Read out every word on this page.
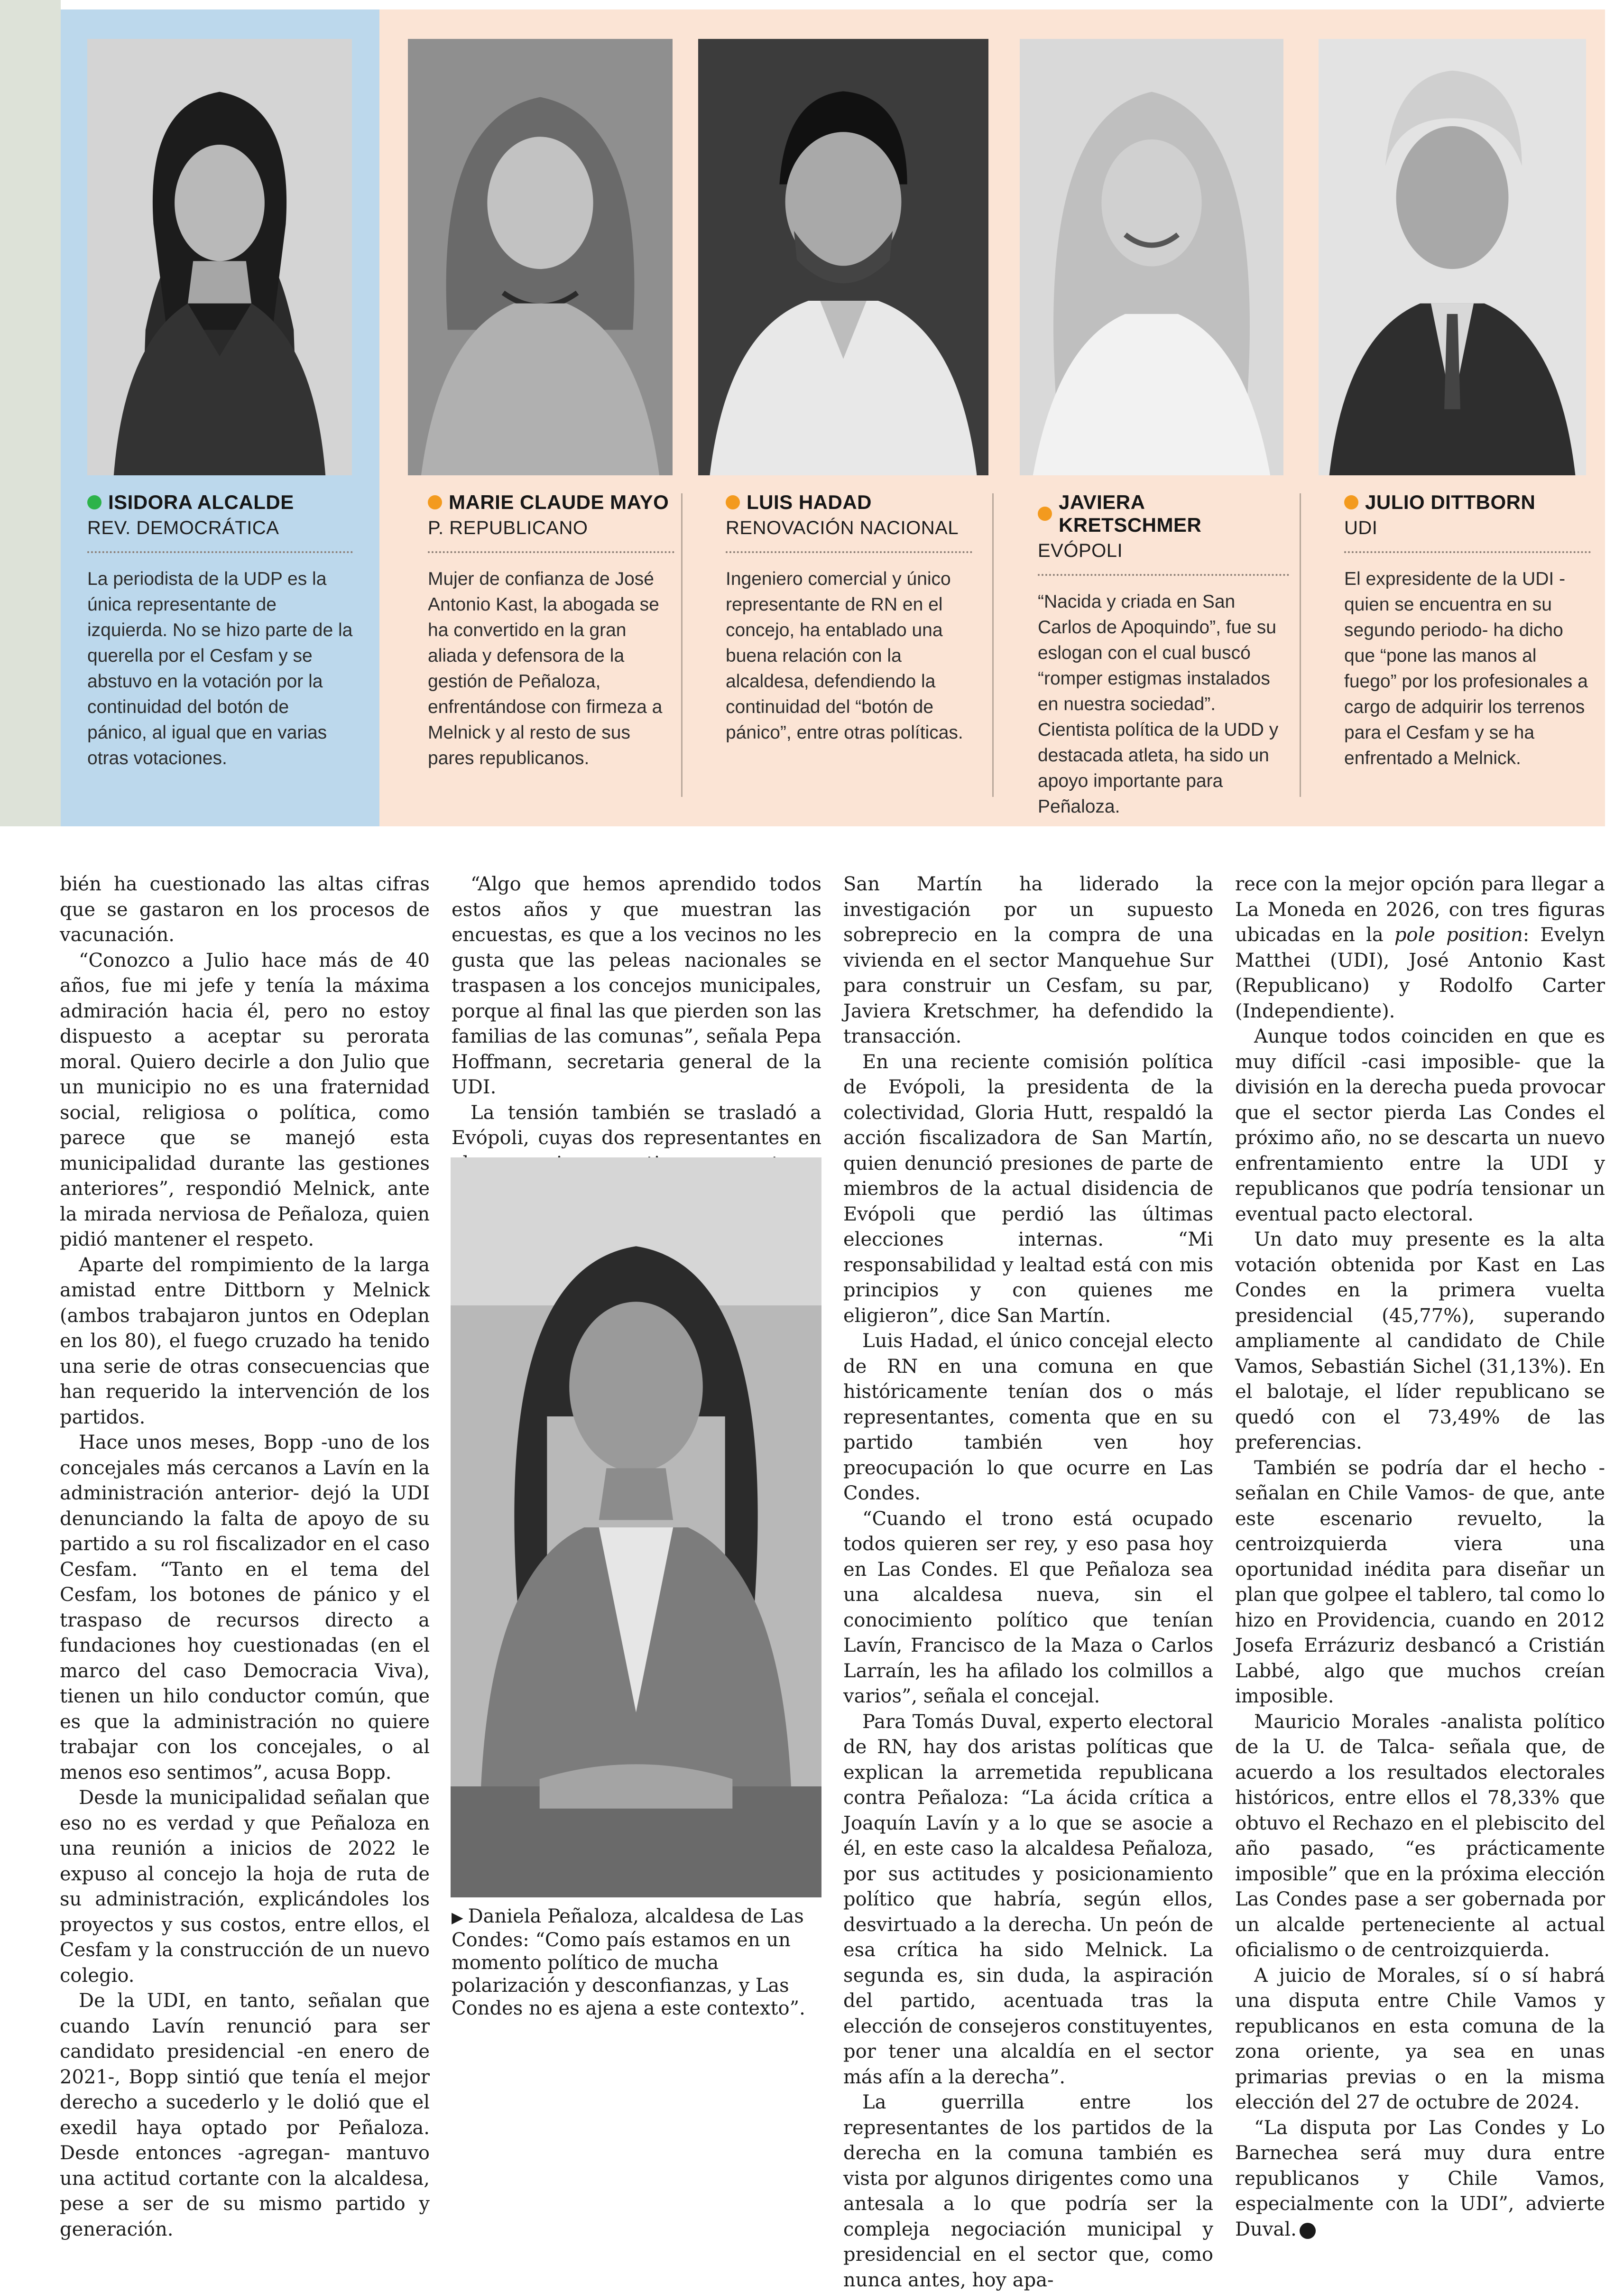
ISIDORA ALCALDE
REV. DEMOCRÁTICA
La periodista de la UDP es la única representante de izquierda. No se hizo parte de la querella por el Cesfam y se abstuvo en la votación por la continuidad del botón de pánico, al igual que en varias otras votaciones.
MARIE CLAUDE MAYO
P. REPUBLICANO
Mujer de confianza de José Antonio Kast, la abogada se ha convertido en la gran aliada y defensora de la gestión de Peñaloza, enfrentándose con firmeza a Melnick y al resto de sus pares republicanos.
LUIS HADAD
RENOVACIÓN NACIONAL
Ingeniero comercial y único representante de RN en el concejo, ha entablado una buena relación con la alcaldesa, defendiendo la continuidad del “botón de pánico”, entre otras políticas.
JAVIERA KRETSCHMER
EVÓPOLI
“Nacida y criada en San Carlos de Apoquindo”, fue su eslogan con el cual buscó “romper estigmas instalados en nuestra sociedad”. Cientista política de la UDD y destacada atleta, ha sido un apoyo importante para Peñaloza.
JULIO DITTBORN
UDI
El expresidente de la UDI -quien se encuentra en su segundo periodo- ha dicho que “pone las manos al fuego” por los profesionales a cargo de adquirir los terrenos para el Cesfam y se ha enfrentado a Melnick.

bién ha cuestionado las altas cifras que se gastaron en los procesos de vacunación.

“Conozco a Julio hace más de 40 años, fue mi jefe y tenía la máxima admiración hacia él, pero no estoy dispuesto a aceptar su perorata moral. Quiero decirle a don Julio que un municipio no es una fraternidad social, religiosa o política, como parece que se manejó esta municipalidad durante las gestiones anteriores”, respondió Melnick, ante la mirada nerviosa de Peñaloza, quien pidió mantener el respeto.

Aparte del rompimiento de la larga amistad entre Dittborn y Melnick (ambos trabajaron juntos en Odeplan en los 80), el fuego cruzado ha tenido una serie de otras consecuencias que han requerido la intervención de los partidos.

Hace unos meses, Bopp -uno de los concejales más cercanos a Lavín en la administración anterior- dejó la UDI denunciando la falta de apoyo de su partido a su rol fiscalizador en el caso Cesfam. “Tanto en el tema del Cesfam, los botones de pánico y el traspaso de recursos directo a fundaciones hoy cuestionadas (en el marco del caso Democracia Viva), tienen un hilo conductor común, que es que la administración no quiere trabajar con los concejales, o al menos eso sentimos”, acusa Bopp.

Desde la municipalidad señalan que eso no es verdad y que Peñaloza en una reunión a inicios de 2022 le expuso al concejo la hoja de ruta de su administración, explicándoles los proyectos y sus costos, entre ellos, el Cesfam y la construcción de un nuevo colegio.

De la UDI, en tanto, señalan que cuando Lavín renunció para ser candidato presidencial -en enero de 2021-, Bopp sintió que tenía el mejor derecho a sucederlo y le dolió que el exedil haya optado por Peñaloza. Desde entonces -agregan- mantuvo una actitud cortante con la alcaldesa, pese a ser de su mismo partido y generación.

“Algo que hemos aprendido todos estos años y que muestran las encuestas, es que a los vecinos no les gusta que las peleas nacionales se traspasen a los concejos municipales, porque al final las que pierden son las familias de las comunas”, señala Pepa Hoffmann, secretaria general de la UDI.

La tensión también se trasladó a Evópoli, cuyas dos representantes en

▶ Daniela Peñaloza, alcaldesa de Las Condes: “Como país estamos en un momento político de mucha polarización y desconfianzas, y Las Condes no es ajena a este contexto”.

San Martín ha liderado la investigación por un supuesto sobreprecio en la compra de una vivienda en el sector Manquehue Sur para construir un Cesfam, su par, Javiera Kretschmer, ha defendido la transacción.

En una reciente comisión política de Evópoli, la presidenta de la colectividad, Gloria Hutt, respaldó la acción fiscalizadora de San Martín, quien denunció presiones de parte de miembros de la actual disidencia de Evópoli que perdió las últimas elecciones internas. “Mi responsabilidad y lealtad está con mis principios y con quienes me eligieron”, dice San Martín.

Luis Hadad, el único concejal electo de RN en una comuna en que históricamente tenían dos o más representantes, comenta que en su partido también ven hoy preocupación lo que ocurre en Las Condes.

“Cuando el trono está ocupado todos quieren ser rey, y eso pasa hoy en Las Condes. El que Peñaloza sea una alcaldesa nueva, sin el conocimiento político que tenían Lavín, Francisco de la Maza o Carlos Larraín, les ha afilado los colmillos a varios”, señala el concejal.

Para Tomás Duval, experto electoral de RN, hay dos aristas políticas que explican la arremetida republicana contra Peñaloza: “La ácida crítica a Joaquín Lavín y a lo que se asocie a él, en este caso la alcaldesa Peñaloza, por sus actitudes y posicionamiento político que habría, según ellos, desvirtuado a la derecha. Un peón de esa crítica ha sido Melnick. La segunda es, sin duda, la aspiración del partido, acentuada tras la elección de consejeros constituyentes, por tener una alcaldía en el sector más afín a la derecha”.

La guerrilla entre los representantes de los partidos de la derecha en la comuna también es vista por algunos dirigentes como una antesala a lo que podría ser la compleja negociación municipal y presidencial en el sector que, como nunca antes, hoy apa-

rece con la mejor opción para llegar a La Moneda en 2026, con tres figuras ubicadas en la pole position: Evelyn Matthei (UDI), José Antonio Kast (Republicano) y Rodolfo Carter (Independiente).

Aunque todos coinciden en que es muy difícil -casi imposible- que la división en la derecha pueda provocar que el sector pierda Las Condes el próximo año, no se descarta un nuevo enfrentamiento entre la UDI y republicanos que podría tensionar un eventual pacto electoral.

Un dato muy presente es la alta votación obtenida por Kast en Las Condes en la primera vuelta presidencial (45,77%), superando ampliamente al candidato de Chile Vamos, Sebastián Sichel (31,13%). En el balotaje, el líder republicano se quedó con el 73,49% de las preferencias.

También se podría dar el hecho -señalan en Chile Vamos- de que, ante este escenario revuelto, la centroizquierda viera una oportunidad inédita para diseñar un plan que golpee el tablero, tal como lo hizo en Providencia, cuando en 2012 Josefa Errázuriz desbancó a Cristián Labbé, algo que muchos creían imposible.

Mauricio Morales -analista político de la U. de Talca- señala que, de acuerdo a los resultados electorales históricos, entre ellos el 78,33% que obtuvo el Rechazo en el plebiscito del año pasado, “es prácticamente imposible” que en la próxima elección Las Condes pase a ser gobernada por un alcalde perteneciente al actual oficialismo o de centroizquierda.

A juicio de Morales, sí o sí habrá una disputa entre Chile Vamos y republicanos en esta comuna de la zona oriente, ya sea en unas primarias previas o en la misma elección del 27 de octubre de 2024.

“La disputa por Las Condes y Lo Barnechea será muy dura entre republicanos y Chile Vamos, especialmente con la UDI”, advierte Duval. ●
